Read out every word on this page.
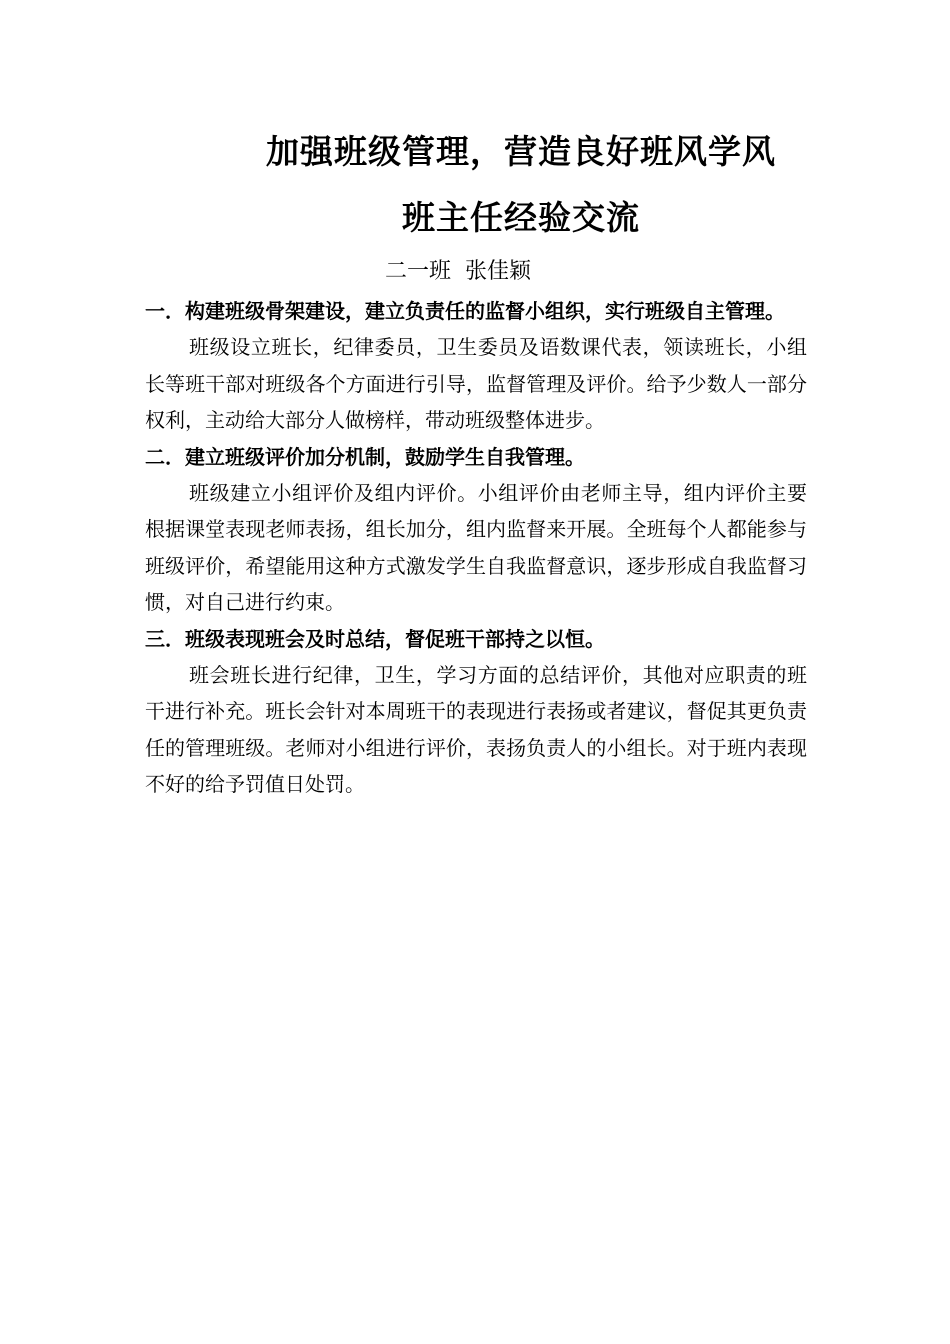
加强班级管理，营造良好班风学风
班主任经验交流
二一班  张佳颖

一．构建班级骨架建设，建立负责任的监督小组织，实行班级自主管理。

班级设立班长，纪律委员，卫生委员及语数课代表，领读班长，小组长等班干部对班级各个方面进行引导，监督管理及评价。给予少数人一部分权利，主动给大部分人做榜样，带动班级整体进步。

二．建立班级评价加分机制，鼓励学生自我管理。

班级建立小组评价及组内评价。小组评价由老师主导，组内评价主要根据课堂表现老师表扬，组长加分，组内监督来开展。全班每个人都能参与班级评价，希望能用这种方式激发学生自我监督意识，逐步形成自我监督习惯，对自己进行约束。

三．班级表现班会及时总结，督促班干部持之以恒。

班会班长进行纪律，卫生，学习方面的总结评价，其他对应职责的班干进行补充。班长会针对本周班干的表现进行表扬或者建议，督促其更负责任的管理班级。老师对小组进行评价，表扬负责人的小组长。对于班内表现不好的给予罚值日处罚。
